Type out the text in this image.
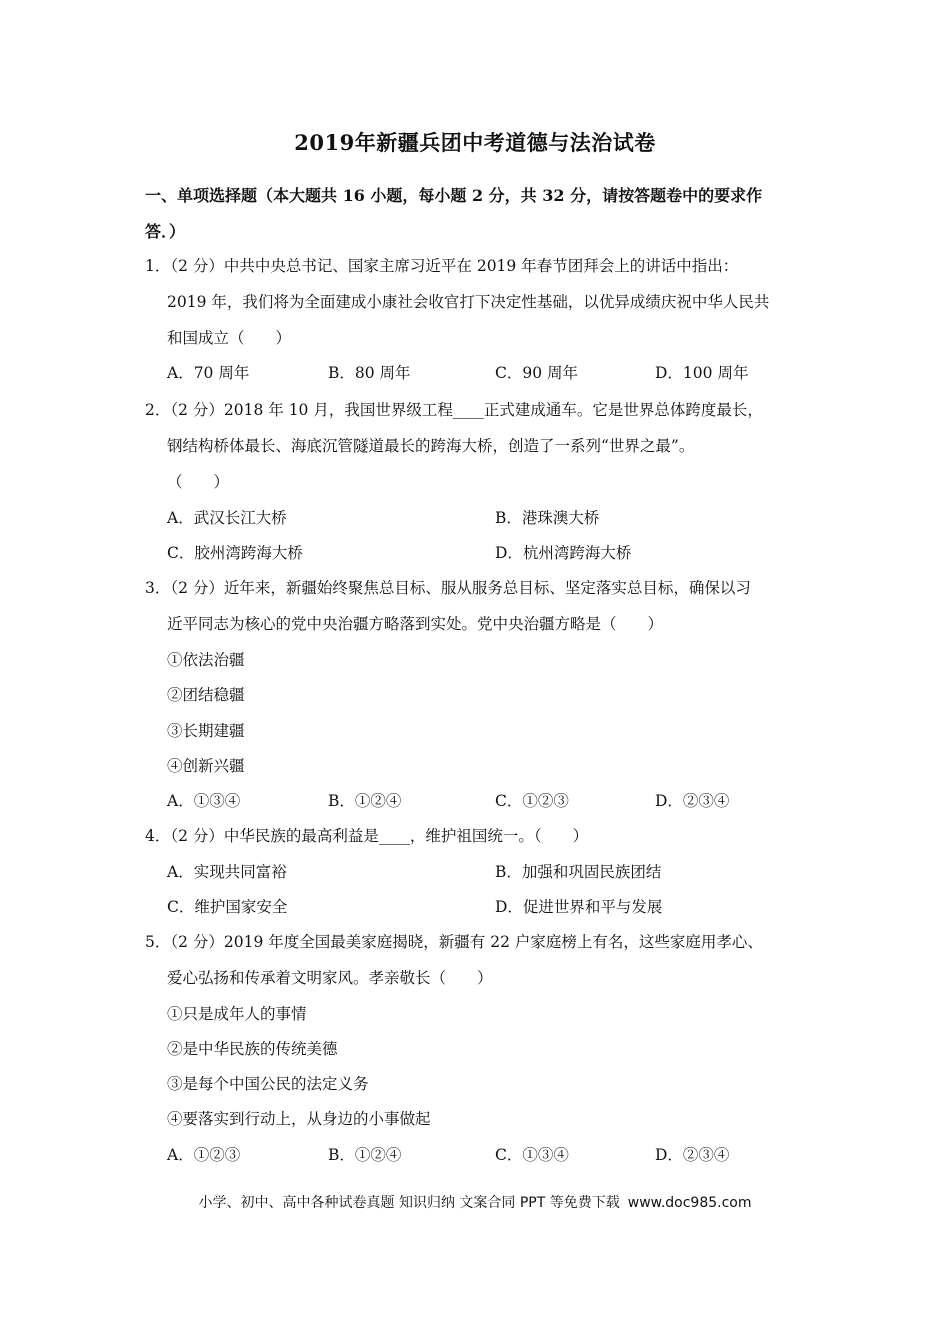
2019年新疆兵团中考道德与法治试卷
一、单项选择题（本大题共 16 小题，每小题 2 分，共 32 分，请按答题卷中的要求作
答．）
1．（2 分）中共中央总书记、国家主席习近平在 2019 年春节团拜会上的讲话中指出：
2019 年，我们将为全面建成小康社会收官打下决定性基础，以优异成绩庆祝中华人民共
和国成立（　　）
A．70 周年	B．80 周年	C．90 周年	D．100 周年
2．（2 分）2018 年 10 月，我国世界级工程____正式建成通车。它是世界总体跨度最长，
钢结构桥体最长、海底沉管隧道最长的跨海大桥，创造了一系列“世界之最”。
（　　）
A．武汉长江大桥	B．港珠澳大桥
C．胶州湾跨海大桥	D．杭州湾跨海大桥
3．（2 分）近年来，新疆始终聚焦总目标、服从服务总目标、坚定落实总目标，确保以习
近平同志为核心的党中央治疆方略落到实处。党中央治疆方略是（　　）
①依法治疆
②团结稳疆
③长期建疆
④创新兴疆
A．①③④	B．①②④	C．①②③	D．②③④
4．（2 分）中华民族的最高利益是____，维护祖国统一。（　　）
A．实现共同富裕	B．加强和巩固民族团结
C．维护国家安全	D．促进世界和平与发展
5．（2 分）2019 年度全国最美家庭揭晓，新疆有 22 户家庭榜上有名，这些家庭用孝心、
爱心弘扬和传承着文明家风。孝亲敬长（　　）
①只是成年人的事情
②是中华民族的传统美德
③是每个中国公民的法定义务
④要落实到行动上，从身边的小事做起
A．①②③	B．①②④	C．①③④	D．②③④
小学、初中、高中各种试卷真题 知识归纳 文案合同 PPT 等免费下载 www.doc985.com
